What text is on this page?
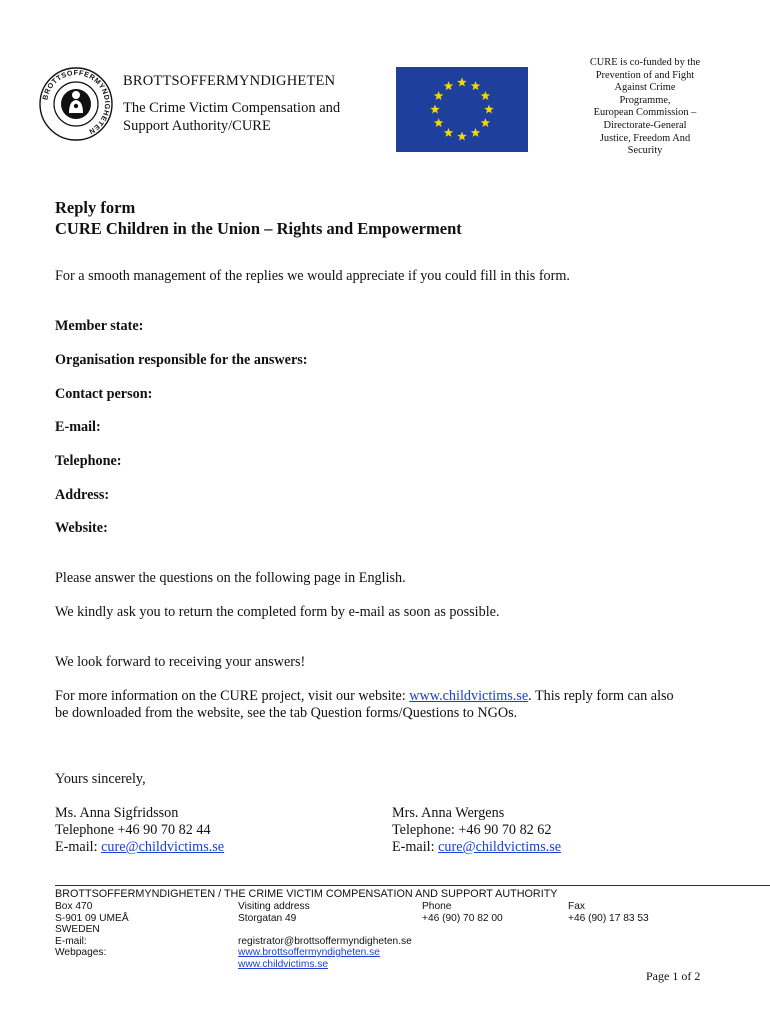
BROTTSOFFERMYNDIGHETEN
BROTTSOFFERMYNDIGHETEN
The Crime Victim Compensation and
Support Authority/CURE
CURE is co-funded by the
Prevention of and Fight
Against Crime
Programme,
European Commission –
Directorate-General
Justice, Freedom And
Security
Reply form
CURE Children in the Union – Rights and Empowerment
For a smooth management of the replies we would appreciate if you could fill in this form.
Member state:
Organisation responsible for the answers:
Contact person:
E-mail:
Telephone:
Address:
Website:
Please answer the questions on the following page in English.
We kindly ask you to return the completed form by e-mail as soon as possible.
We look forward to receiving your answers!
For more information on the CURE project, visit our website: www.childvictims.se. This reply form can also
be downloaded from the website, see the tab Question forms/Questions to NGOs.
Yours sincerely,
Ms. Anna Sigfridsson
Telephone +46 90 70 82 44
E-mail: cure@childvictims.se
Mrs. Anna Wergens
Telephone: +46 90 70 82 62
E-mail: cure@childvictims.se
BROTTSOFFERMYNDIGHETEN / THE CRIME VICTIM COMPENSATION AND SUPPORT AUTHORITY
Box 470
S-901 09 UMEÅ
SWEDEN
E-mail:
Webpages:
Visiting address
Storgatan 49

registrator@brottsoffermyndigheten.se
www.brottsoffermyndigheten.se
www.childvictims.se
Phone
+46 (90) 70 82 00
Fax
+46 (90) 17 83 53
Page 1 of 2
